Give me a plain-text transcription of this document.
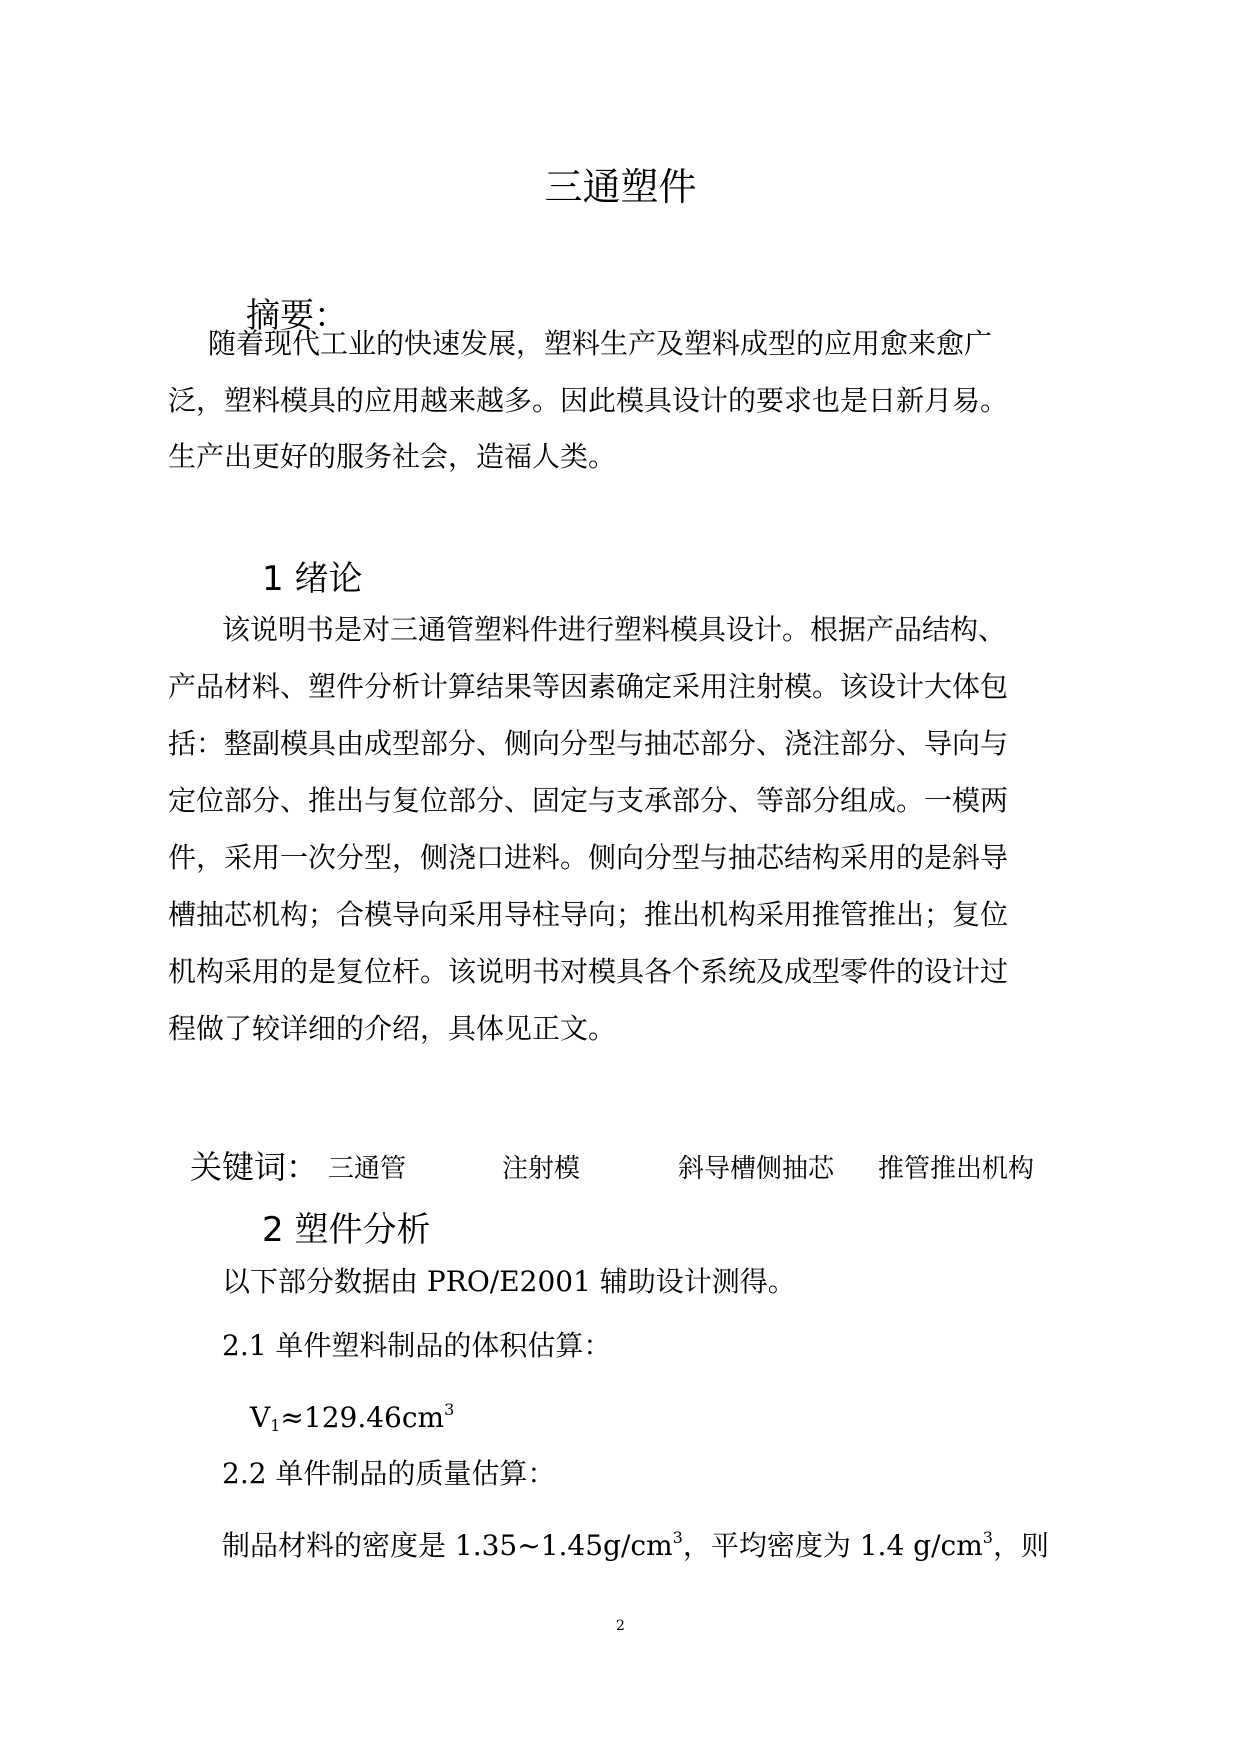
三通塑件
摘要：

随着现代工业的快速发展，塑料生产及塑料成型的应用愈来愈广

泛，塑料模具的应用越来越多。因此模具设计的要求也是日新月易。

生产出更好的服务社会，造福人类。

1 绪论

该说明书是对三通管塑料件进行塑料模具设计。根据产品结构、

产品材料、塑件分析计算结果等因素确定采用注射模。该设计大体包

括：整副模具由成型部分、侧向分型与抽芯部分、浇注部分、导向与

定位部分、推出与复位部分、固定与支承部分、等部分组成。一模两

件，采用一次分型，侧浇口进料。侧向分型与抽芯结构采用的是斜导

槽抽芯机构；合模导向采用导柱导向；推出机构采用推管推出；复位

机构采用的是复位杆。该说明书对模具各个系统及成型零件的设计过

程做了较详细的介绍，具体见正文。

关键词： 三通管	注射模	斜导槽侧抽芯 推管推出机构
2 塑件分析

以下部分数据由 PRO/E2001 辅助设计测得。

2.1 单件塑料制品的体积估算：

$V_1\approx 129.46cm^3$

2.2 单件制品的质量估算：

制品材料的密度是 $1.35\sim 1.45g/cm^3$，平均密度为 1.4 $g/cm^3$，则

2
